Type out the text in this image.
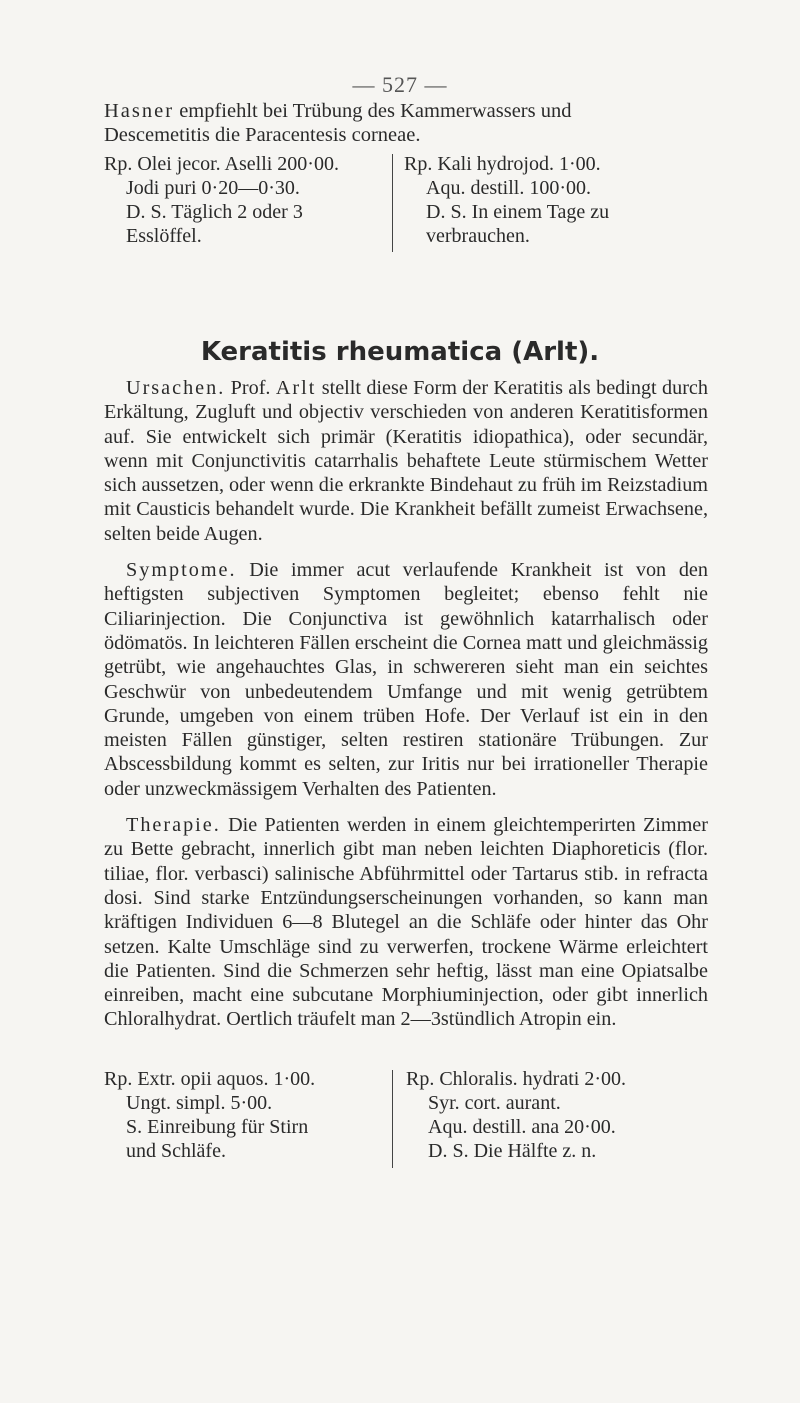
— 527 —
Hasner empfiehlt bei Trübung des Kammerwassers und
Descemetitis die Paracentesis corneae.
Rp. Olei jecor. Aselli 200·00.
Jodi puri 0·20—0·30.
D. S. Täglich 2 oder 3
Esslöffel.
Rp. Kali hydrojod. 1·00.
Aqu. destill. 100·00.
D. S. In einem Tage zu
verbrauchen.
Keratitis rheumatica (Arlt).

Ursachen. Prof. Arlt stellt diese Form der Keratitis als bedingt durch Erkältung, Zugluft und objectiv verschieden von anderen Keratitisformen auf. Sie entwickelt sich primär (Keratitis idiopathica), oder secundär, wenn mit Conjunctivitis catarrhalis behaftete Leute stürmischem Wetter sich aussetzen, oder wenn die erkrankte Bindehaut zu früh im Reizstadium mit Causticis behandelt wurde. Die Krankheit befällt zumeist Erwachsene, selten beide Augen.

Symptome. Die immer acut verlaufende Krankheit ist von den heftigsten subjectiven Symptomen begleitet; ebenso fehlt nie Ciliarinjection. Die Conjunctiva ist gewöhnlich katarrhalisch oder ödömatös. In leichteren Fällen erscheint die Cornea matt und gleichmässig getrübt, wie angehauchtes Glas, in schwereren sieht man ein seichtes Geschwür von unbedeutendem Umfange und mit wenig getrübtem Grunde, umgeben von einem trüben Hofe. Der Verlauf ist ein in den meisten Fällen günstiger, selten restiren stationäre Trübungen. Zur Abscessbildung kommt es selten, zur Iritis nur bei irrationeller Therapie oder unzweckmässigem Verhalten des Patienten.

Therapie. Die Patienten werden in einem gleichtemperirten Zimmer zu Bette gebracht, innerlich gibt man neben leichten Diaphoreticis (flor. tiliae, flor. verbasci) salinische Abführmittel oder Tartarus stib. in refracta dosi. Sind starke Entzündungserscheinungen vorhanden, so kann man kräftigen Individuen 6—8 Blutegel an die Schläfe oder hinter das Ohr setzen. Kalte Umschläge sind zu verwerfen, trockene Wärme erleichtert die Patienten. Sind die Schmerzen sehr heftig, lässt man eine Opiatsalbe einreiben, macht eine subcutane Morphiuminjection, oder gibt innerlich Chloralhydrat. Oertlich träufelt man 2—3stündlich Atropin ein.

Rp. Extr. opii aquos. 1·00.
Ungt. simpl. 5·00.
S. Einreibung für Stirn
und Schläfe.
Rp. Chloralis. hydrati 2·00.
Syr. cort. aurant.
Aqu. destill. ana 20·00.
D. S. Die Hälfte z. n.
